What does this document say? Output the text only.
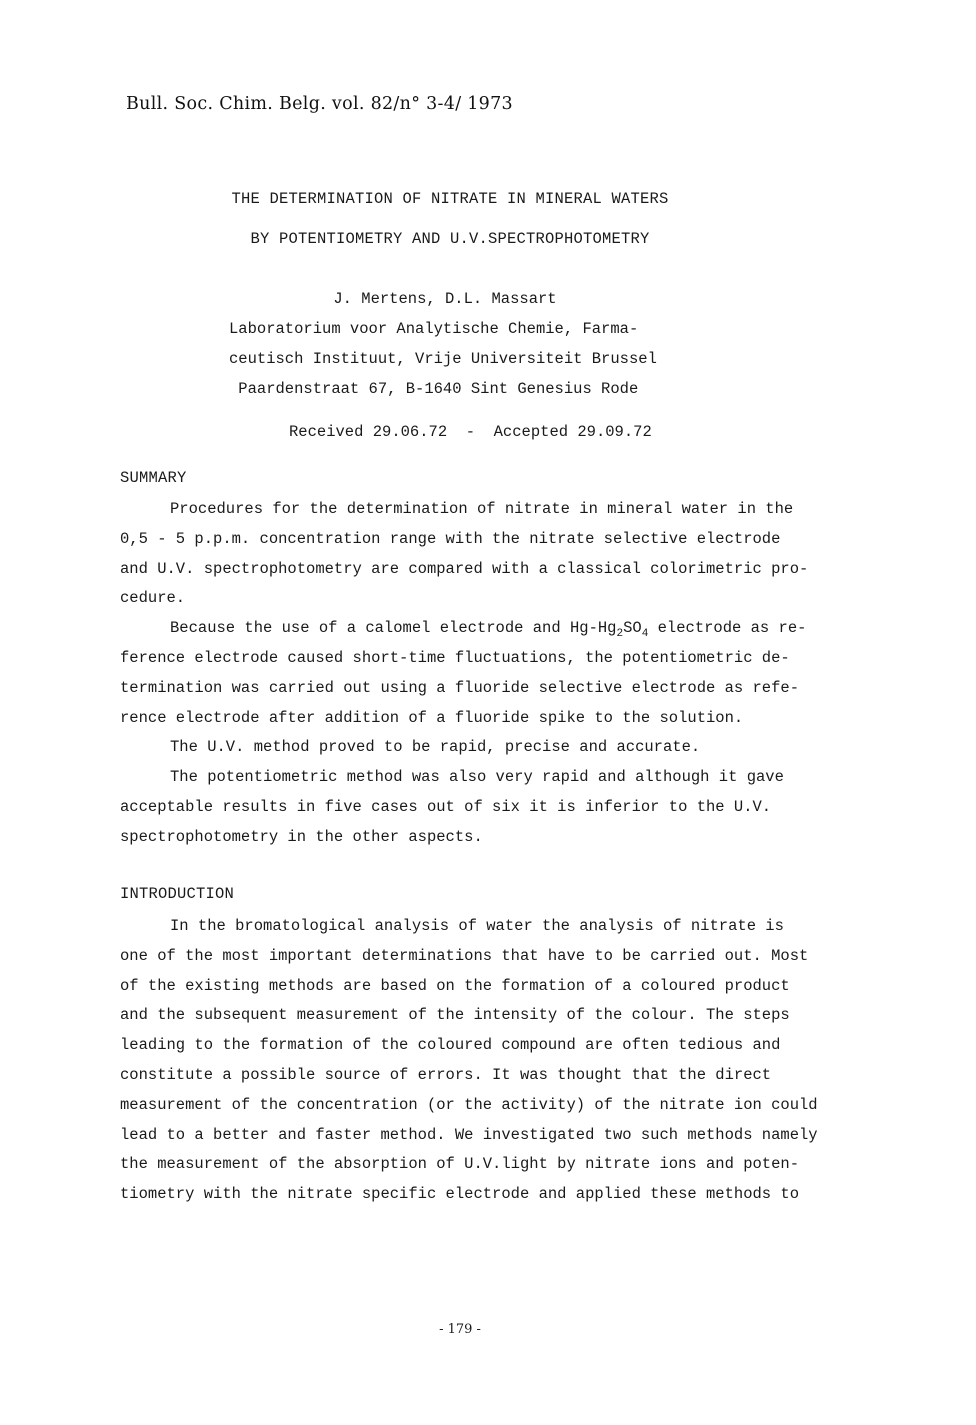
Bull. Soc. Chim. Belg. vol. 82/n° 3-4/ 1973
THE DETERMINATION OF NITRATE IN MINERAL WATERS
BY POTENTIOMETRY AND U.V.SPECTROPHOTOMETRY
J. Mertens, D.L. Massart
Laboratorium voor Analytische Chemie, Farma-
ceutisch Instituut, Vrije Universiteit Brussel
Paardenstraat 67, B-1640 Sint Genesius Rode
Received 29.06.72  -  Accepted 29.09.72
SUMMARY
Procedures for the determination of nitrate in mineral water in the
0,5 - 5 p.p.m. concentration range with the nitrate selective electrode
and U.V. spectrophotometry are compared with a classical colorimetric pro-
cedure.
Because the use of a calomel electrode and $Hg-Hg_2SO_4$ electrode as re-
ference electrode caused short-time fluctuations, the potentiometric de-
termination was carried out using a fluoride selective electrode as refe-
rence electrode after addition of a fluoride spike to the solution.
The U.V. method proved to be rapid, precise and accurate.
The potentiometric method was also very rapid and although it gave
acceptable results in five cases out of six it is inferior to the U.V.
spectrophotometry in the other aspects.
INTRODUCTION
In the bromatological analysis of water the analysis of nitrate is
one of the most important determinations that have to be carried out. Most
of the existing methods are based on the formation of a coloured product
and the subsequent measurement of the intensity of the colour. The steps
leading to the formation of the coloured compound are often tedious and
constitute a possible source of errors. It was thought that the direct
measurement of the concentration (or the activity) of the nitrate ion could
lead to a better and faster method. We investigated two such methods namely
the measurement of the absorption of U.V.light by nitrate ions and poten-
tiometry with the nitrate specific electrode and applied these methods to
- 179 -
